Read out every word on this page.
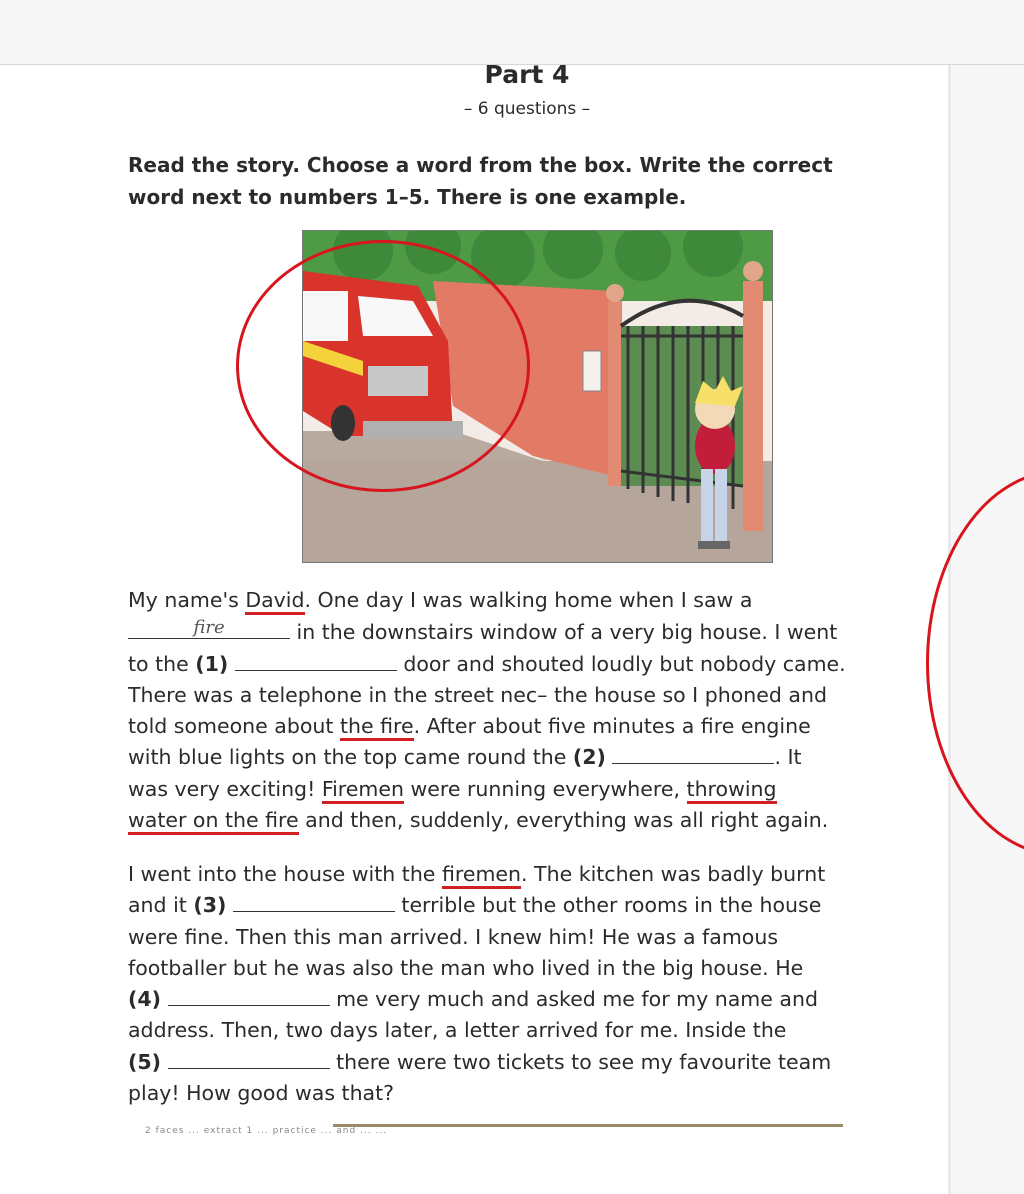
Part 4
– 6 questions –
Read the story. Choose a word from the box. Write the correct word next to numbers 1–5. There is one example.
My name's David. One day I was walking home when I saw a
fire	in the downstairs window of a very big house. I went
to the (1)	door and shouted loudly but nobody came.
There was a telephone in the street nec– the house so I phoned and
told someone about the fire. After about five minutes a fire engine
with blue lights on the top came round the (2)	. It
was very exciting! Firemen were running everywhere, throwing
water on the fire and then, suddenly, everything was all right again.
I went into the house with the firemen. The kitchen was badly burnt
and it (3)	terrible but the other rooms in the house
were fine. Then this man arrived. I knew him! He was a famous
footballer but he was also the man who lived in the big house. He
(4)	me very much and asked me for my name and
address. Then, two days later, a letter arrived for me. Inside the
(5)	there were two tickets to see my favourite team
play! How good was that?
2 faces ... extract 1 ... practice ... and ... ...
